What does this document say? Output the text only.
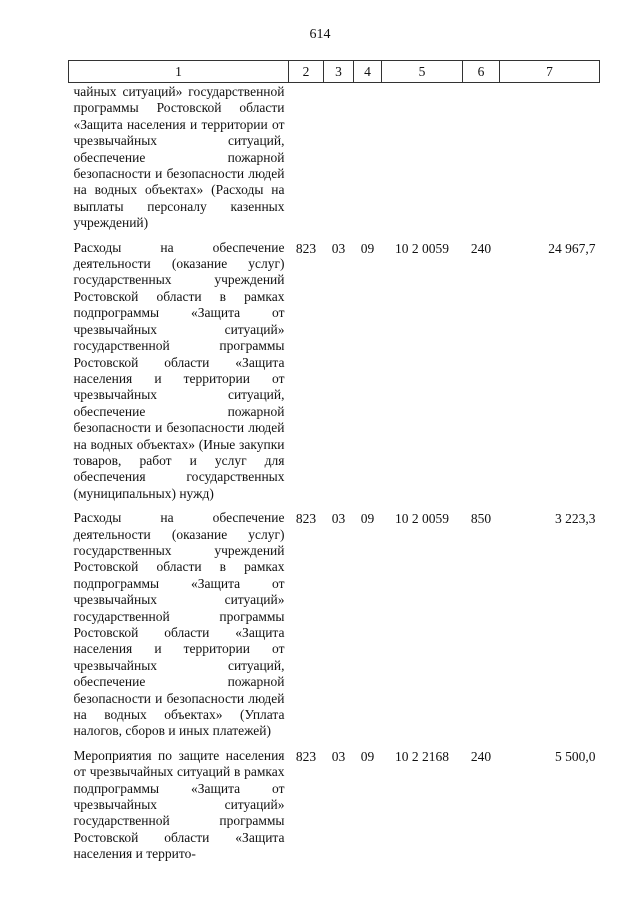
614
1	2	3	4	5	6	7
чайных ситуаций» государственной программы Ростовской области «Защита населения и территории от чрезвычайных ситуаций, обеспечение пожарной безопасности и безопасности людей на водных объектах» (Расходы на выплаты персоналу казенных учреждений)						
Расходы на обеспечение деятельности (оказание услуг) государственных учреждений Ростовской области в рамках подпрограммы «Защита от чрезвычайных ситуаций» государственной программы Ростовской области «Защита населения и территории от чрезвычайных ситуаций, обеспечение пожарной безопасности и безопасности людей на водных объектах» (Иные закупки товаров, работ и услуг для обеспечения государственных (муниципальных) нужд)	823	03	09	10 2 0059	240	24 967,7
Расходы на обеспечение деятельности (оказание услуг) государственных учреждений Ростовской области в рамках подпрограммы «Защита от чрезвычайных ситуаций» государственной программы Ростовской области «Защита населения и территории от чрезвычайных ситуаций, обеспечение пожарной безопасности и безопасности людей на водных объектах» (Уплата налогов, сборов и иных платежей)	823	03	09	10 2 0059	850	3 223,3
Мероприятия по защите населения от чрезвычайных ситуаций в рамках подпрограммы «Защита от чрезвычайных ситуаций» государственной программы Ростовской области «Защита населения и террито-	823	03	09	10 2 2168	240	5 500,0
